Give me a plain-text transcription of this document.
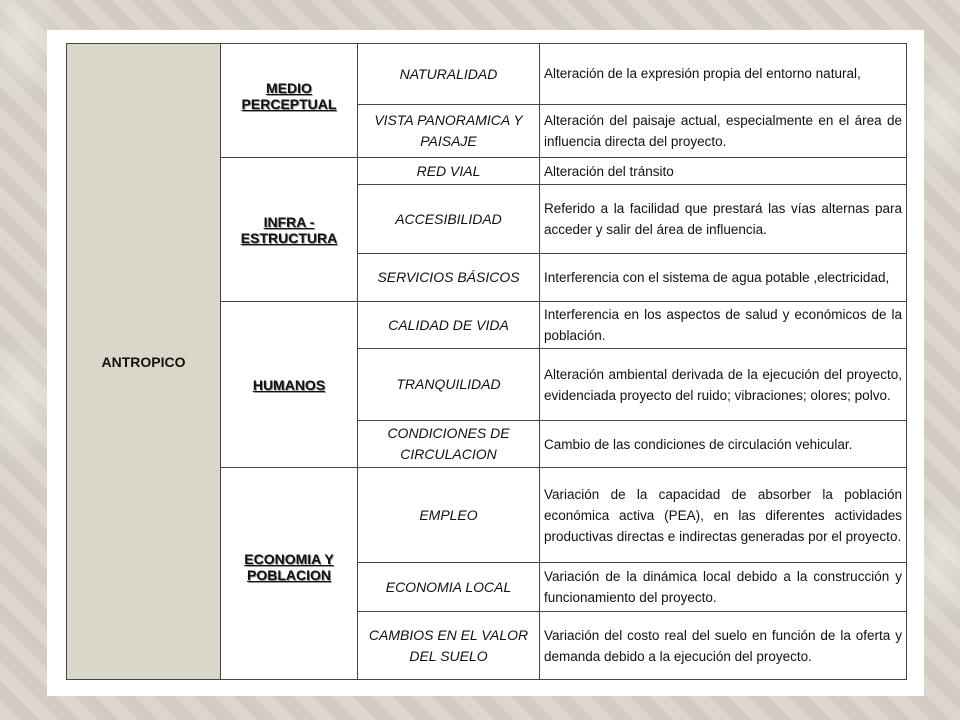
ANTROPICO	MEDIO PERCEPTUAL	NATURALIDAD	Alteración de la expresión propia del entorno natural,
		VISTA PANORAMICA Y PAISAJE	Alteración del paisaje actual, especialmente en el área de influencia directa del proyecto.
	INFRA - ESTRUCTURA	RED VIAL	Alteración del tránsito
		ACCESIBILIDAD	Referido a la facilidad que prestará las vías alternas para acceder y salir del área de influencia.
		SERVICIOS BÁSICOS	Interferencia con el sistema de agua potable ,electricidad,
	HUMANOS	CALIDAD DE VIDA	Interferencia en los aspectos de salud y económicos de la población.
		TRANQUILIDAD	Alteración ambiental derivada de la ejecución del proyecto, evidenciada proyecto del ruido; vibraciones; olores; polvo.
		CONDICIONES DE CIRCULACION	Cambio de las condiciones de circulación vehicular.
	ECONOMIA Y POBLACION	EMPLEO	Variación de la capacidad de absorber la población económica activa (PEA), en las diferentes actividades productivas directas e indirectas generadas por el proyecto.
		ECONOMIA LOCAL	Variación de la dinámica local debido a la construcción y funcionamiento del proyecto.
		CAMBIOS EN EL VALOR DEL SUELO	Variación del costo real del suelo en función de la oferta y demanda debido a la ejecución del proyecto.
